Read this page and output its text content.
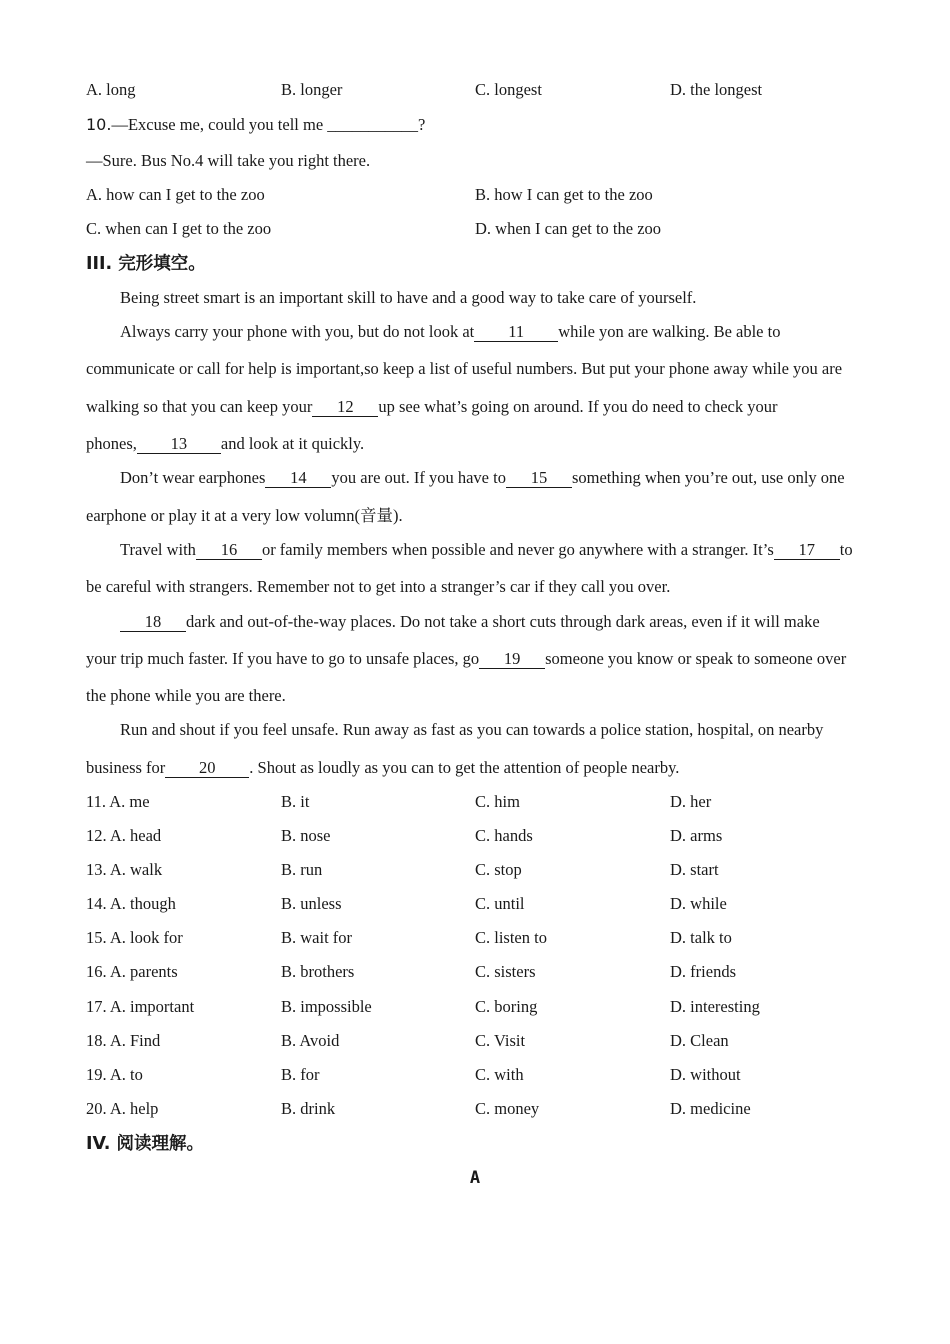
A. long	B. longer	C. longest	D. the longest
10.—Excuse me, could you tell me ___________?
—Sure. Bus No.4 will take you right there.
A. how can I get to the zoo	B. how I can get to the zoo
C. when can I get to the zoo	D. when I can get to the zoo
III. 完形填空。
Being street smart is an important skill to have and a good way to take care of yourself.
Always carry your phone with you, but do not look at 11 while yon are walking. Be able to
communicate or call for help is important,so keep a list of useful numbers. But put your phone away while you are
walking so that you can keep your 12 up see what’s going on around. If you do need to check your
phones, 13 and look at it quickly.
Don’t wear earphones 14 you are out. If you have to 15 something when you’re out, use only one
earphone or play it at a very low volumn(音量).
Travel with 16 or family members when possible and never go anywhere with a stranger. It’s 17 to
be careful with strangers. Remember not to get into a stranger’s car if they call you over.
18 dark and out-of-the-way places. Do not take a short cuts through dark areas, even if it will make
your trip much faster. If you have to go to unsafe places, go 19 someone you know or speak to someone over
the phone while you are there.
Run and shout if you feel unsafe. Run away as fast as you can towards a police station, hospital, on nearby
business for 20 . Shout as loudly as you can to get the attention of people nearby.
11. A. me	B. it	C. him	D. her
12. A. head	B. nose	C. hands	D. arms
13. A. walk	B. run	C. stop	D. start
14. A. though	B. unless	C. until	D. while
15. A. look for	B. wait for	C. listen to	D. talk to
16. A. parents	B. brothers	C. sisters	D. friends
17. A. important	B. impossible	C. boring	D. interesting
18. A. Find	B. Avoid	C. Visit	D. Clean
19. A. to	B. for	C. with	D. without
20. A. help	B. drink	C. money	D. medicine
IV. 阅读理解。
A
